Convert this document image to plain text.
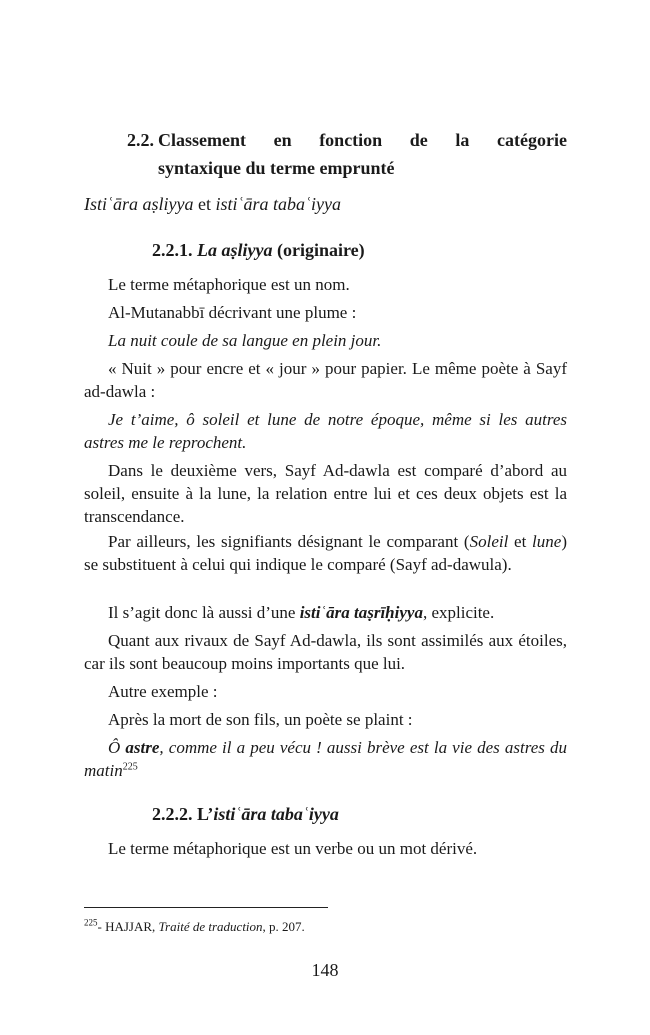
2.2. Classement en fonction de la catégorie
syntaxique du terme emprunté
Istiʿāra aṣliyya et istiʿāra tabaʿiyya
2.2.1. La aṣliyya (originaire)
Le terme métaphorique est un nom.
Al-Mutanabbī décrivant une plume :
La nuit coule de sa langue en plein jour.
« Nuit » pour encre et « jour » pour papier. Le même poète à Sayf ad-dawla :
Je t’aime, ô soleil et lune de notre époque, même si les autres astres me le reprochent.
Dans le deuxième vers, Sayf Ad-dawla est comparé d’abord au soleil, ensuite à la lune, la relation entre lui et ces deux objets est la transcendance.
Par ailleurs, les signifiants désignant le comparant (Soleil et lune) se substituent à celui qui indique le comparé (Sayf ad-dawula).
Il s’agit donc là aussi d’une istiʿāra taṣrīḥiyya, explicite.
Quant aux rivaux de Sayf Ad-dawla, ils sont assimilés aux étoiles, car ils sont beaucoup moins importants que lui.
Autre exemple :
Après la mort de son fils, un poète se plaint :
Ô astre, comme il a peu vécu ! aussi brève est la vie des astres du matin$^{225}$
2.2.2. L’istiʿāra tabaʿiyya
Le terme métaphorique est un verbe ou un mot dérivé.
$^{225}$- HAJJAR, Traité de traduction, p. 207.
148
